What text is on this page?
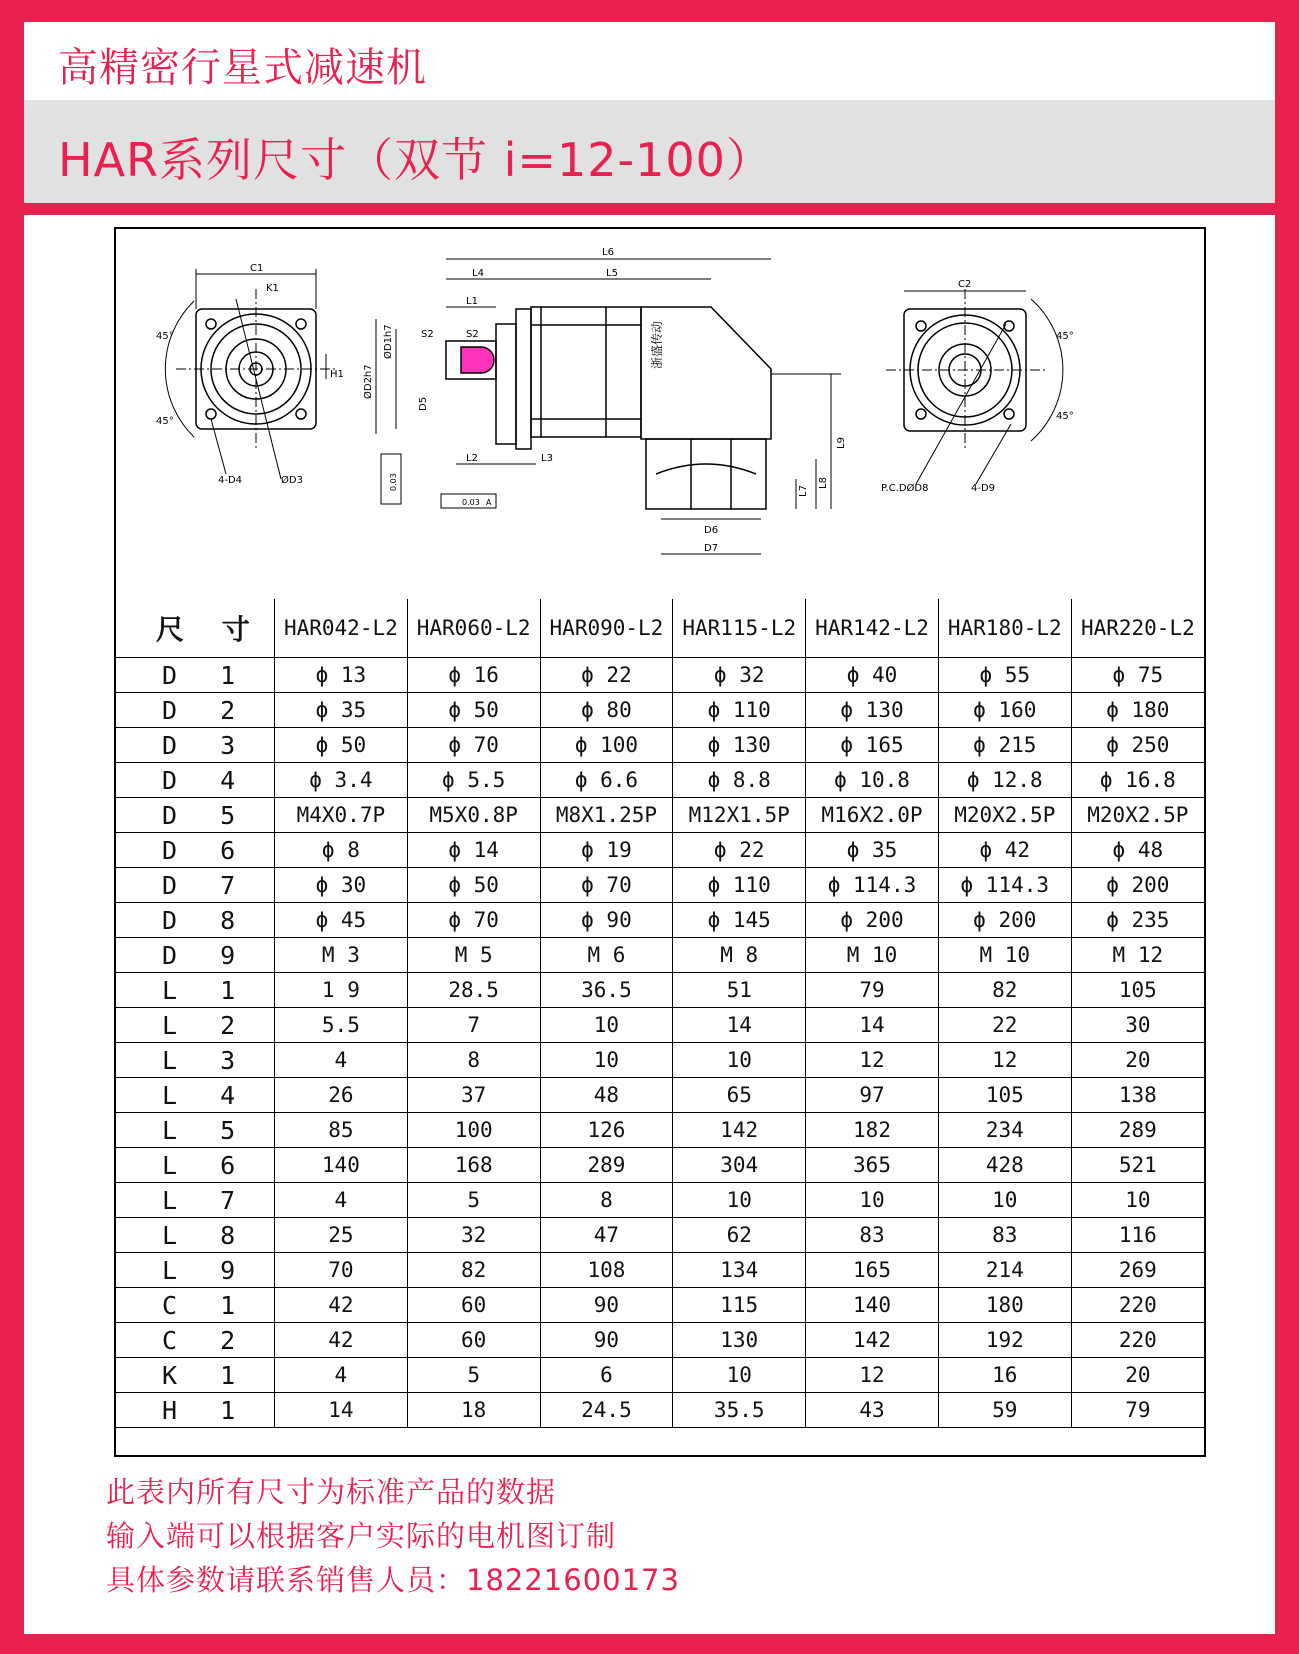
高精密行星式减速机
HAR系列尺寸（双节 i=12-100）
C1
K1
H1
45°
45°
4-D4	ØD3
L6
L4	L5
L1
S2	S2
ØD1h7
ØD2h7
D5
L2	L3
浙盛传动
L7
L8
L9
D6
D7
0.03
0.03 A
C2
45°
45°
P.C.DØD8	4-D9
尺 寸	HAR042-L2	HAR060-L2	HAR090-L2	HAR115-L2	HAR142-L2	HAR180-L2	HAR220-L2
D 1	ϕ 13	ϕ 16	ϕ 22	ϕ 32	ϕ 40	ϕ 55	ϕ 75
D 2	ϕ 35	ϕ 50	ϕ 80	ϕ 110	ϕ 130	ϕ 160	ϕ 180
D 3	ϕ 50	ϕ 70	ϕ 100	ϕ 130	ϕ 165	ϕ 215	ϕ 250
D 4	ϕ 3.4	ϕ 5.5	ϕ 6.6	ϕ 8.8	ϕ 10.8	ϕ 12.8	ϕ 16.8
D 5	M4X0.7P	M5X0.8P	M8X1.25P	M12X1.5P	M16X2.0P	M20X2.5P	M20X2.5P
D 6	ϕ 8	ϕ 14	ϕ 19	ϕ 22	ϕ 35	ϕ 42	ϕ 48
D 7	ϕ 30	ϕ 50	ϕ 70	ϕ 110	ϕ 114.3	ϕ 114.3	ϕ 200
D 8	ϕ 45	ϕ 70	ϕ 90	ϕ 145	ϕ 200	ϕ 200	ϕ 235
D 9	M 3	M 5	M 6	M 8	M 10	M 10	M 12
L 1	1 9	28.5	36.5	51	79	82	105
L 2	5.5	7	10	14	14	22	30
L 3	4	8	10	10	12	12	20
L 4	26	37	48	65	97	105	138
L 5	85	100	126	142	182	234	289
L 6	140	168	289	304	365	428	521
L 7	4	5	8	10	10	10	10
L 8	25	32	47	62	83	83	116
L 9	70	82	108	134	165	214	269
C 1	42	60	90	115	140	180	220
C 2	42	60	90	130	142	192	220
K 1	4	5	6	10	12	16	20
H 1	14	18	24.5	35.5	43	59	79
此表内所有尺寸为标准产品的数据
输入端可以根据客户实际的电机图订制
具体参数请联系销售人员：18221600173
